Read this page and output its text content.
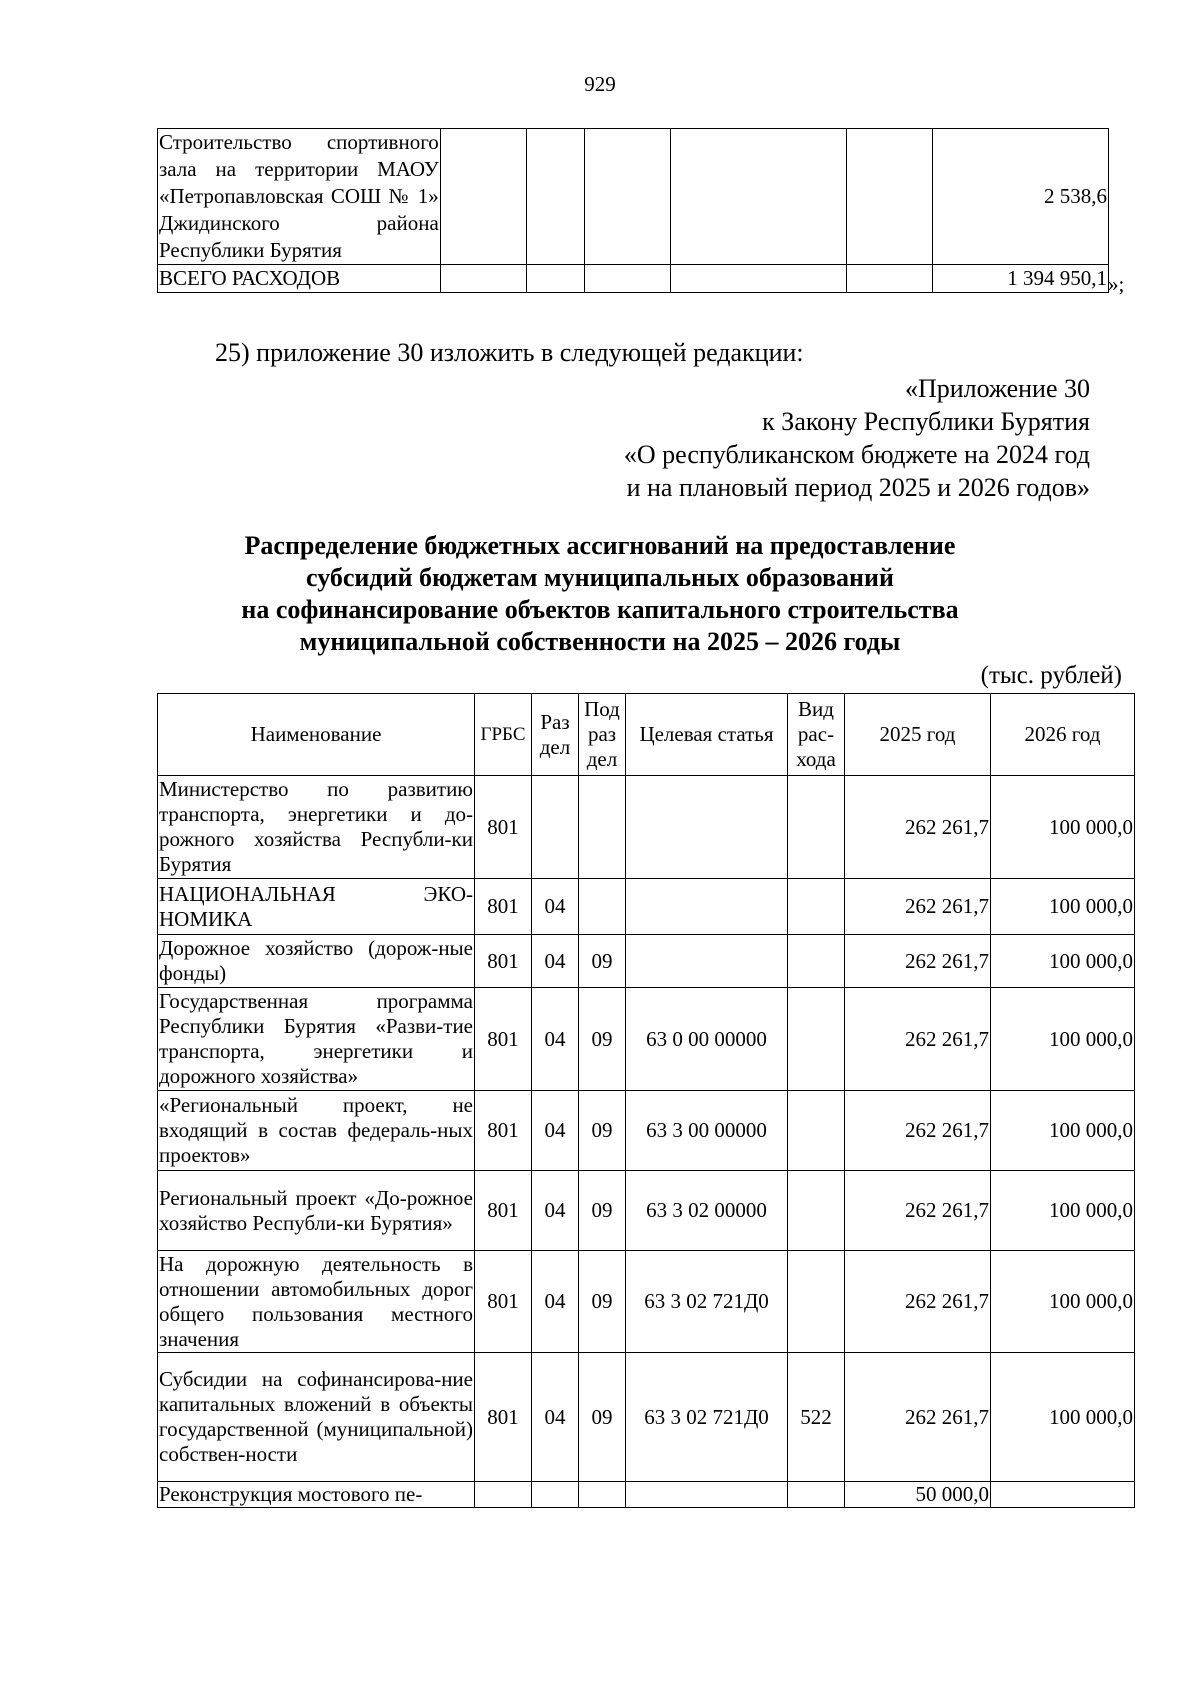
929
Строительство спортивного зала на территории МАОУ «Петропавловская СОШ № 1» Джидинского района Республики Бурятия						2 538,6
ВСЕГО РАСХОДОВ						1 394 950,1 »;
25) приложение 30 изложить в следующей редакции:
«Приложение 30
к Закону Республики Бурятия
«О республиканском бюджете на 2024 год
и на плановый период 2025 и 2026 годов»
Распределение бюджетных ассигнований на предоставление
субсидий бюджетам муниципальных образований
на софинансирование объектов капитального строительства
муниципальной собственности на 2025 – 2026 годы
(тыс. рублей)
Наименование	ГРБС	Раз дел	Под раз дел	Целевая статья	Вид рас- хода	2025 год	2026 год
Министерство по развитию транспорта, энергетики и до-рожного хозяйства Республи-ки Бурятия	801					262 261,7	100 000,0
НАЦИОНАЛЬНАЯ ЭКО-НОМИКА	801	04				262 261,7	100 000,0
Дорожное хозяйство (дорож-ные фонды)	801	04	09			262 261,7	100 000,0
Государственная программа Республики Бурятия «Разви-тие транспорта, энергетики и дорожного хозяйства»	801	04	09	63 0 00 00000		262 261,7	100 000,0
«Региональный проект, не входящий в состав федераль-ных проектов»	801	04	09	63 3 00 00000		262 261,7	100 000,0
Региональный проект «До-рожное хозяйство Республи-ки Бурятия»	801	04	09	63 3 02 00000		262 261,7	100 000,0
На дорожную деятельность в отношении автомобильных дорог общего пользования местного значения	801	04	09	63 3 02 721Д0		262 261,7	100 000,0
Субсидии на софинансирова-ние капитальных вложений в объекты государственной (муниципальной) собствен-ности	801	04	09	63 3 02 721Д0	522	262 261,7	100 000,0
Реконструкция мостового пе-						50 000,0	
